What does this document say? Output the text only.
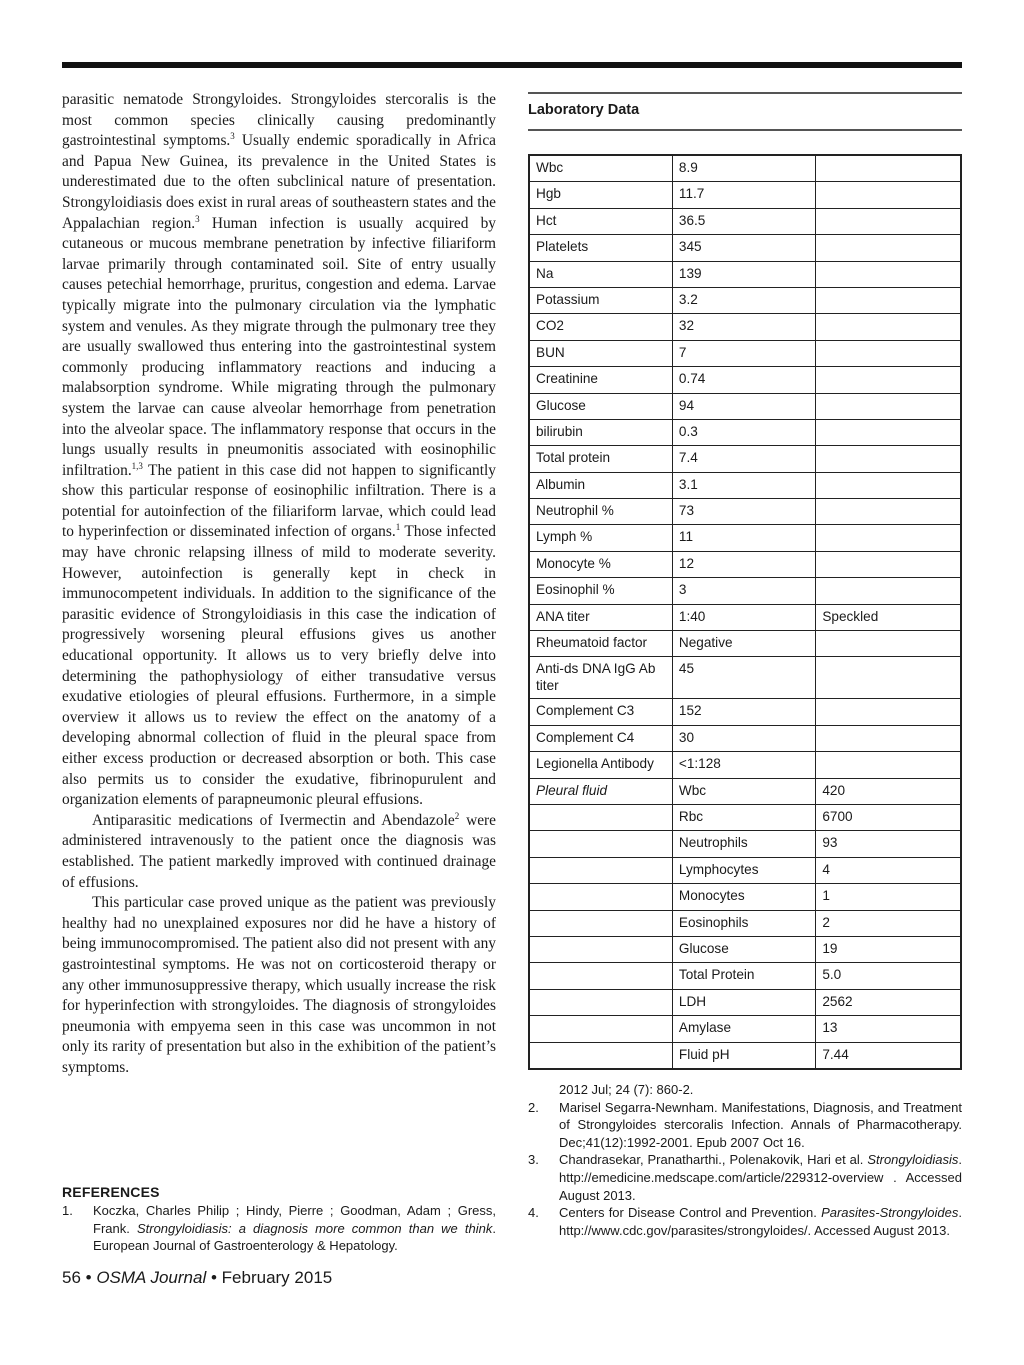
parasitic nematode Strongyloides. Strongyloides stercoralis is the most common species clinically causing predominantly gastrointestinal symptoms.$^3$ Usually endemic sporadically in Africa and Papua New Guinea, its prevalence in the United States is underestimated due to the often subclinical nature of presentation. Strongyloidiasis does exist in rural areas of southeastern states and the Appalachian region.$^3$ Human infection is usually acquired by cutaneous or mucous membrane penetration by infective filiariform larvae primarily through contaminated soil. Site of entry usually causes petechial hemorrhage, pruritus, congestion and edema. Larvae typically migrate into the pulmonary circulation via the lymphatic system and venules. As they migrate through the pulmonary tree they are usually swallowed thus entering into the gastrointestinal system commonly producing inflammatory reactions and inducing a malabsorption syndrome. While migrating through the pulmonary system the larvae can cause alveolar hemorrhage from penetration into the alveolar space. The inflammatory response that occurs in the lungs usually results in pneumonitis associated with eosinophilic infiltration.$^{1,3}$ The patient in this case did not happen to significantly show this particular response of eosinophilic infiltration. There is a potential for autoinfection of the filiariform larvae, which could lead to hyperinfection or disseminated infection of organs.$^1$ Those infected may have chronic relapsing illness of mild to moderate severity. However, autoinfection is generally kept in check in immunocompetent individuals. In addition to the significance of the parasitic evidence of Strongyloidiasis in this case the indication of progressively worsening pleural effusions gives us another educational opportunity. It allows us to very briefly delve into determining the pathophysiology of either transudative versus exudative etiologies of pleural effusions. Furthermore, in a simple overview it allows us to review the effect on the anatomy of a developing abnormal collection of fluid in the pleural space from either excess production or decreased absorption or both. This case also permits us to consider the exudative, fibrinopurulent and organization elements of parapneumonic pleural effusions.

Antiparasitic medications of Ivermectin and Abendazole$^2$ were administered intravenously to the patient once the diagnosis was established. The patient markedly improved with continued drainage of effusions.

This particular case proved unique as the patient was previously healthy had no unexplained exposures nor did he have a history of being immunocompromised. The patient also did not present with any gastrointestinal symptoms. He was not on corticosteroid therapy or any other immunosuppressive therapy, which usually increase the risk for hyperinfection with strongyloides. The diagnosis of strongyloides pneumonia with empyema seen in this case was uncommon in not only its rarity of presentation but also in the exhibition of the patient’s symptoms.

REFERENCES
1.	Koczka, Charles Philip ; Hindy, Pierre ; Goodman, Adam ; Gress, Frank. Strongyloidiasis: a diagnosis more common than we think. European Journal of Gastroenterology & Hepatology.
2012 Jul; 24 (7): 860-2.
2.	Marisel Segarra-Newnham. Manifestations, Diagnosis, and Treatment of Strongyloides stercoralis Infection. Annals of Pharmacotherapy. Dec;41(12):1992-2001. Epub 2007 Oct 16.
3.	Chandrasekar, Pranatharthi., Polenakovik, Hari et al. Strongyloidiasis. http://emedicine.medscape.com/article/229312-overview . Accessed August 2013.
4.	Centers for Disease Control and Prevention. Parasites-Strongyloides. http://www.cdc.gov/parasites/strongyloides/. Accessed August 2013.
56 • OSMA Journal • February 2015
Laboratory Data
Wbc	8.9	
Hgb	11.7	
Hct	36.5	
Platelets	345	
Na	139	
Potassium	3.2	
CO2	32	
BUN	7	
Creatinine	0.74	
Glucose	94	
bilirubin	0.3	
Total protein	7.4	
Albumin	3.1	
Neutrophil %	73	
Lymph %	11	
Monocyte %	12	
Eosinophil %	3	
ANA titer	1:40	Speckled
Rheumatoid factor	Negative	
Anti-ds DNA IgG Ab titer	45	
Complement C3	152	
Complement C4	30	
Legionella Antibody	<1:128	
Pleural fluid	Wbc	420
	Rbc	6700
	Neutrophils	93
	Lymphocytes	4
	Monocytes	1
	Eosinophils	2
	Glucose	19
	Total Protein	5.0
	LDH	2562
	Amylase	13
	Fluid pH	7.44
